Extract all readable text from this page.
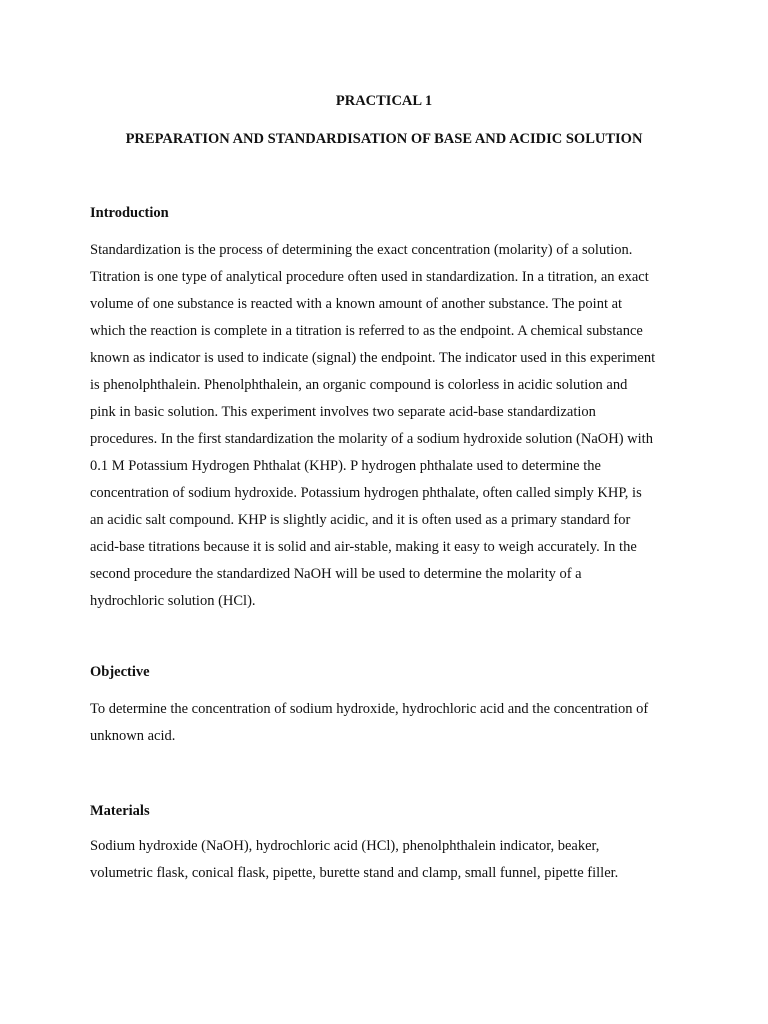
PRACTICAL 1
PREPARATION AND STANDARDISATION OF BASE AND ACIDIC SOLUTION
Introduction
Standardization is the process of determining the exact concentration (molarity) of a solution.
Titration is one type of analytical procedure often used in standardization. In a titration, an exact
volume of one substance is reacted with a known amount of another substance. The point at
which the reaction is complete in a titration is referred to as the endpoint. A chemical substance
known as indicator is used to indicate (signal) the endpoint. The indicator used in this experiment
is phenolphthalein. Phenolphthalein, an organic compound is colorless in acidic solution and
pink in basic solution. This experiment involves two separate acid-base standardization
procedures. In the first standardization the molarity of a sodium hydroxide solution (NaOH) with
0.1 M Potassium Hydrogen Phthalat (KHP). P hydrogen phthalate used to determine the
concentration of sodium hydroxide. Potassium hydrogen phthalate, often called simply KHP, is
an acidic salt compound. KHP is slightly acidic, and it is often used as a primary standard for
acid-base titrations because it is solid and air-stable, making it easy to weigh accurately. In the
second procedure the standardized NaOH will be used to determine the molarity of a
hydrochloric solution (HCl).
Objective
To determine the concentration of sodium hydroxide, hydrochloric acid and the concentration of
unknown acid.
Materials
Sodium hydroxide (NaOH), hydrochloric acid (HCl), phenolphthalein indicator, beaker,
volumetric flask, conical flask, pipette, burette stand and clamp, small funnel, pipette filler.
